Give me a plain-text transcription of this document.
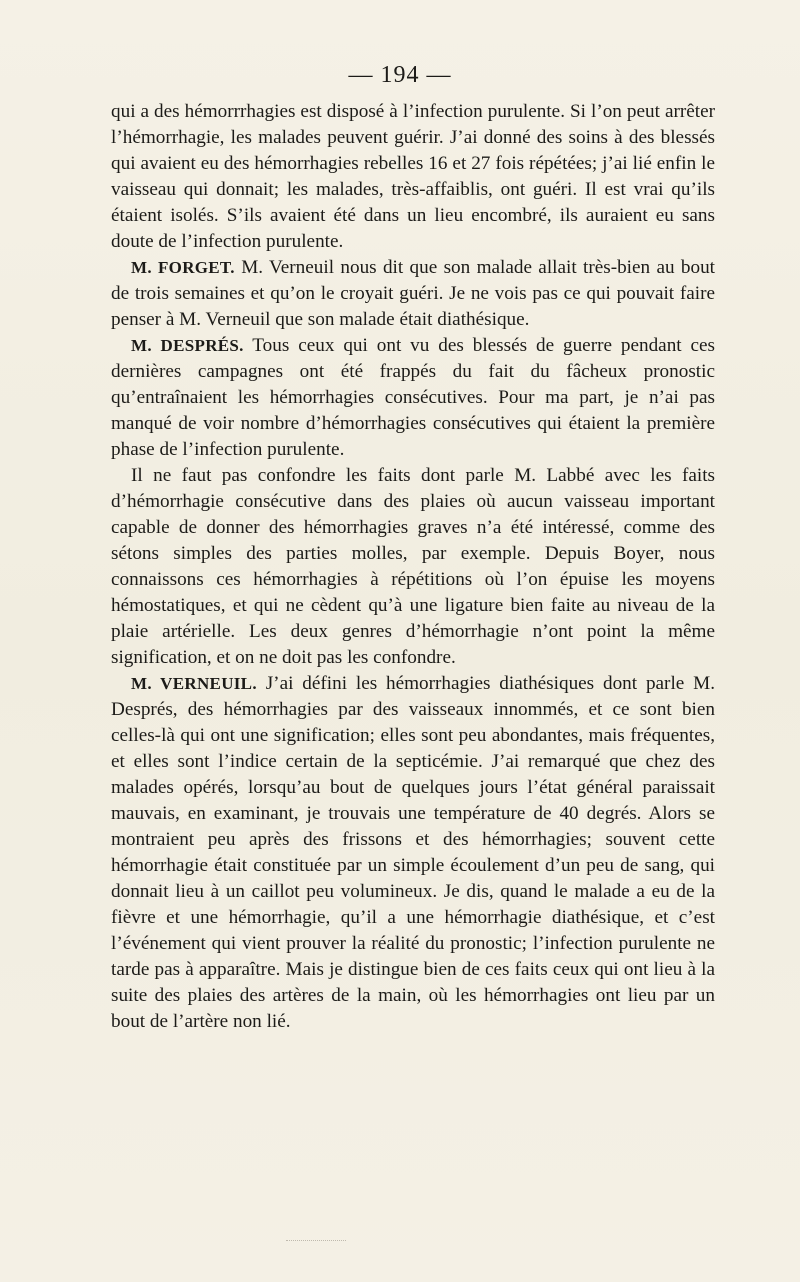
— 194 —

qui a des hémorrrhagies est disposé à l’infection purulente. Si l’on peut arrêter l’hémorrhagie, les malades peuvent guérir. J’ai donné des soins à des blessés qui avaient eu des hémorrhagies rebelles 16 et 27 fois répétées; j’ai lié enfin le vaisseau qui donnait; les malades, très-affaiblis, ont guéri. Il est vrai qu’ils étaient isolés. S’ils avaient été dans un lieu encombré, ils auraient eu sans doute de l’infection purulente.

M. FORGET. M. Verneuil nous dit que son malade allait très-bien au bout de trois semaines et qu’on le croyait guéri. Je ne vois pas ce qui pouvait faire penser à M. Verneuil que son malade était diathésique.

M. DESPRÉS. Tous ceux qui ont vu des blessés de guerre pendant ces dernières campagnes ont été frappés du fait du fâcheux pronostic qu’entraînaient les hémorrhagies consécutives. Pour ma part, je n’ai pas manqué de voir nombre d’hémorrhagies consécutives qui étaient la première phase de l’infection purulente.

Il ne faut pas confondre les faits dont parle M. Labbé avec les faits d’hémorrhagie consécutive dans des plaies où aucun vaisseau important capable de donner des hémorrhagies graves n’a été intéressé, comme des sétons simples des parties molles, par exemple. Depuis Boyer, nous connaissons ces hémorrhagies à répétitions où l’on épuise les moyens hémostatiques, et qui ne cèdent qu’à une ligature bien faite au niveau de la plaie artérielle. Les deux genres d’hémorrhagie n’ont point la même signification, et on ne doit pas les confondre.

M. VERNEUIL. J’ai défini les hémorrhagies diathésiques dont parle M. Després, des hémorrhagies par des vaisseaux innommés, et ce sont bien celles-là qui ont une signification; elles sont peu abondantes, mais fréquentes, et elles sont l’indice certain de la septicémie. J’ai remarqué que chez des malades opérés, lorsqu’au bout de quelques jours l’état général paraissait mauvais, en examinant, je trouvais une température de 40 degrés. Alors se montraient peu après des frissons et des hémorrhagies; souvent cette hémorrhagie était constituée par un simple écoulement d’un peu de sang, qui donnait lieu à un caillot peu volumineux. Je dis, quand le malade a eu de la fièvre et une hémorrhagie, qu’il a une hémorrhagie diathésique, et c’est l’événement qui vient prouver la réalité du pronostic; l’infection purulente ne tarde pas à apparaître. Mais je distingue bien de ces faits ceux qui ont lieu à la suite des plaies des artères de la main, où les hémorrhagies ont lieu par un bout de l’artère non lié.
